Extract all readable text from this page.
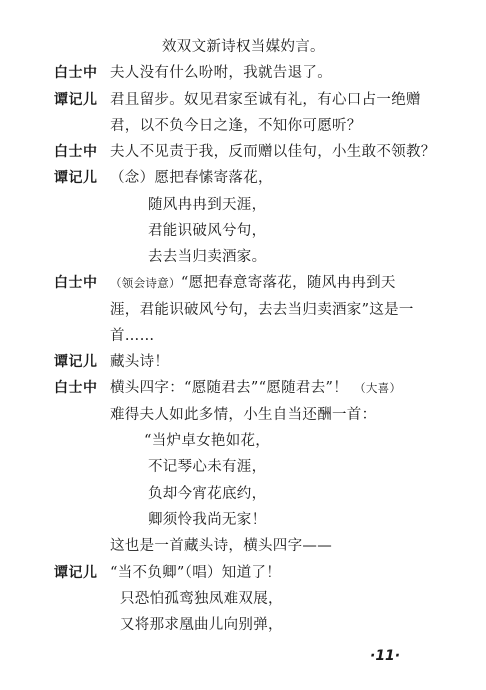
效双文新诗权当媒妁言。
白士中 夫人没有什么吩咐，我就告退了。
谭记儿 君且留步。奴见君家至诚有礼，有心口占一绝赠
君，以不负今日之逢，不知你可愿听？
白士中 夫人不见责于我，反而赠以佳句，小生敢不领教？
谭记儿 （念）愿把春愫寄落花，
随风冉冉到天涯，
君能识破风兮句，
去去当归卖酒家。
白士中 （领会诗意）“愿把春意寄落花，随风冉冉到天
涯，君能识破风兮句，去去当归卖酒家”这是一
首……
谭记儿 藏头诗！
白士中 横头四字：“愿随君去”“愿随君去”！ （大喜）
难得夫人如此多情，小生自当还酬一首：
“当炉卓女艳如花，
不记琴心未有涯，
负却今宵花底约，
卿须怜我尚无家！
这也是一首藏头诗，横头四字——
谭记儿 “当不负卿”（唱）知道了！
只恐怕孤鸾独凤难双展，
又将那求凰曲儿向别弹，
·11·
